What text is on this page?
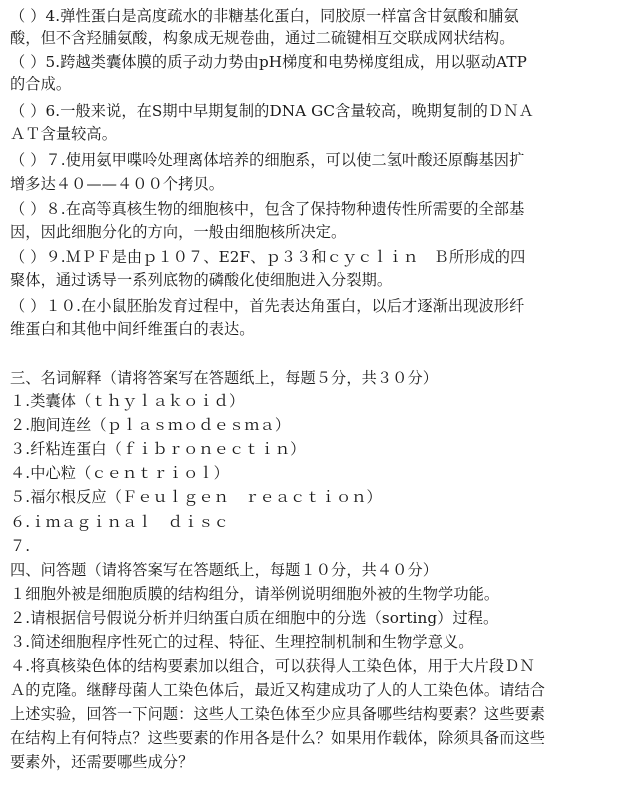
（ ）4.弹性蛋白是高度疏水的非糖基化蛋白，同胶原一样富含甘氨酸和脯氨
酸，但不含羟脯氨酸，构象成无规卷曲，通过二硫键相互交联成网状结构。
（ ）5.跨越类囊体膜的质子动力势由pH梯度和电势梯度组成，用以驱动ATP
的合成。
（ ）6.一般来说，在S期中早期复制的DNA GC含量较高，晚期复制的ＤＮＡ
ＡＴ含量较高。
（ ）７.使用氨甲喋呤处理离体培养的细胞系，可以使二氢叶酸还原酶基因扩
增多达４０——４００个拷贝。
（ ）８.在高等真核生物的细胞核中，包含了保持物种遗传性所需要的全部基
因，因此细胞分化的方向，一般由细胞核所决定。
（ ）９.ＭＰＦ是由ｐ１０７、E2F、ｐ３３和ｃｙｃｌｉｎ　Ｂ所形成的四
聚体，通过诱导一系列底物的磷酸化使细胞进入分裂期。
（ ）１０.在小鼠胚胎发育过程中，首先表达角蛋白，以后才逐渐出现波形纤
维蛋白和其他中间纤维蛋白的表达。
三、名词解释（请将答案写在答题纸上，每题５分，共３０分）
１.类囊体（ｔｈｙｌａｋｏｉｄ）
２.胞间连丝（ｐｌａｓｍｏｄｅｓｍａ）
３.纤粘连蛋白（ｆｉｂｒｏｎｅｃｔｉｎ）
４.中心粒（ｃｅｎｔｒｉｏｌ）
５.福尔根反应（Ｆｅｕｌｇｅｎ　ｒｅａｃｔｉｏｎ）
６.ｉｍａｇｉｎａｌ　ｄｉｓｃ
７.
四、问答题（请将答案写在答题纸上，每题１０分，共４０分）
１细胞外被是细胞质膜的结构组分，请举例说明细胞外被的生物学功能。
２.请根据信号假说分析并归纳蛋白质在细胞中的分选（sorting）过程。
３.简述细胞程序性死亡的过程、特征、生理控制机制和生物学意义。
４.将真核染色体的结构要素加以组合，可以获得人工染色体，用于大片段ＤＮ
Ａ的克隆。继酵母菌人工染色体后，最近又构建成功了人的人工染色体。请结合
上述实验，回答一下问题：这些人工染色体至少应具备哪些结构要素？这些要素
在结构上有何特点？这些要素的作用各是什么？如果用作载体，除须具备而这些
要素外，还需要哪些成分？
